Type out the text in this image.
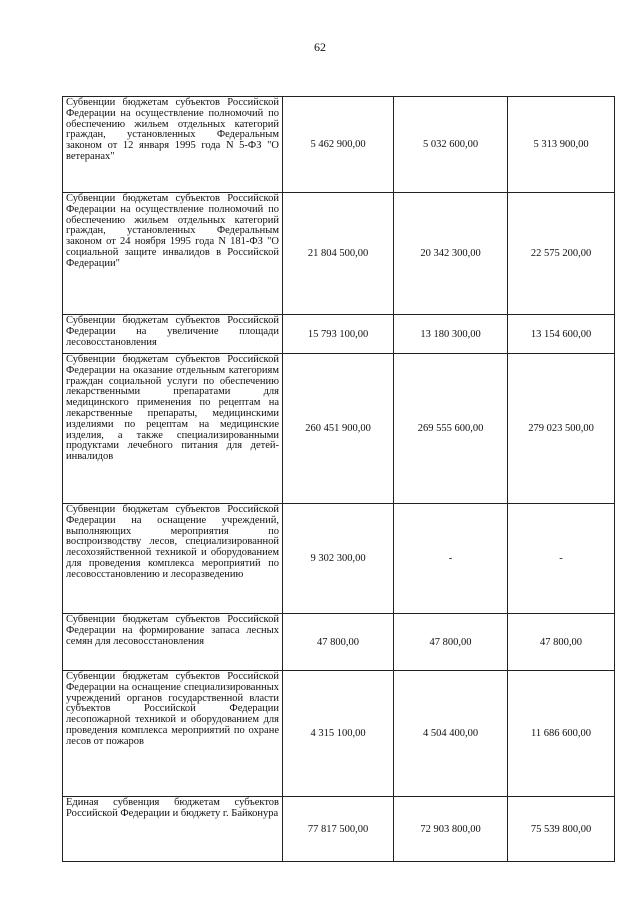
62
Субвенции бюджетам субъектов Российской Федерации на осуществление полномочий по обеспечению жильем отдельных категорий граждан, установленных Федеральным законом от 12 января 1995 года N 5-ФЗ "О ветеранах"	5 462 900,00	5 032 600,00	5 313 900,00
Субвенции бюджетам субъектов Российской Федерации на осуществление полномочий по обеспечению жильем отдельных категорий граждан, установленных Федеральным законом от 24 ноября 1995 года N 181-ФЗ "О социальной защите инвалидов в Российской Федерации"	21 804 500,00	20 342 300,00	22 575 200,00
Субвенции бюджетам субъектов Российской Федерации на увеличение площади лесовосстановления	15 793 100,00	13 180 300,00	13 154 600,00
Субвенции бюджетам субъектов Российской Федерации на оказание отдельным категориям граждан социальной услуги по обеспечению лекарственными препаратами для медицинского применения по рецептам на лекарственные препараты, медицинскими изделиями по рецептам на медицинские изделия, а также специализированными продуктами лечебного питания для детей-инвалидов	260 451 900,00	269 555 600,00	279 023 500,00
Субвенции бюджетам субъектов Российской Федерации на оснащение учреждений, выполняющих мероприятия по воспроизводству лесов, специализированной лесохозяйственной техникой и оборудованием для проведения комплекса мероприятий по лесовосстановлению и лесоразведению	9 302 300,00	-	-
Субвенции бюджетам субъектов Российской Федерации на формирование запаса лесных семян для лесовосстановления	47 800,00	47 800,00	47 800,00
Субвенции бюджетам субъектов Российской Федерации на оснащение специализированных учреждений органов государственной власти субъектов Российской Федерации лесопожарной техникой и оборудованием для проведения комплекса мероприятий по охране лесов от пожаров	4 315 100,00	4 504 400,00	11 686 600,00
Единая субвенция бюджетам субъектов Российской Федерации и бюджету г. Байконура	77 817 500,00	72 903 800,00	75 539 800,00
